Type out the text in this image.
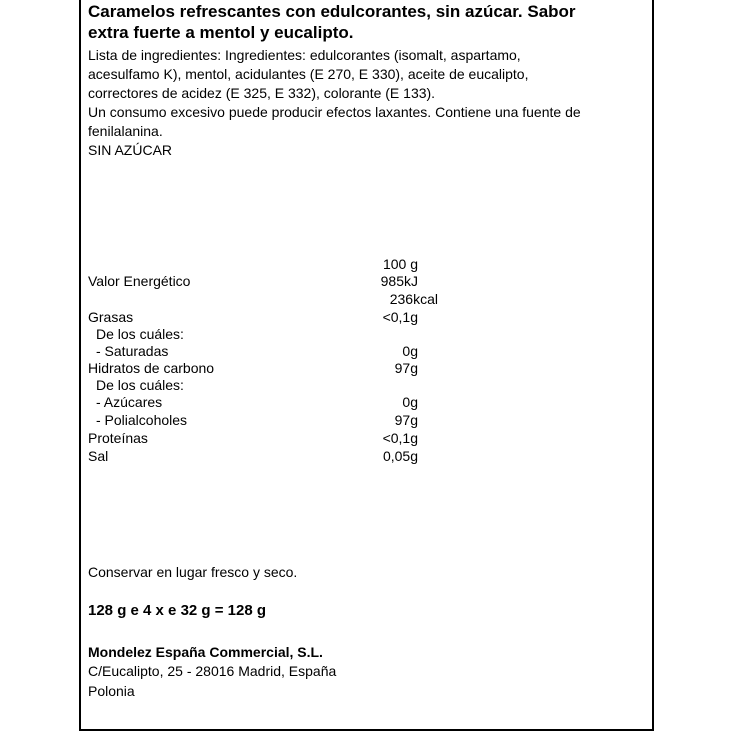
Caramelos refrescantes con edulcorantes, sin azúcar. Sabor
extra fuerte a mentol y eucalipto.
Lista de ingredientes: Ingredientes: edulcorantes (isomalt, aspartamo,
acesulfamo K), mentol, acidulantes (E 270, E 330), aceite de eucalipto,
correctores de acidez (E 325, E 332), colorante (E 133).
Un consumo excesivo puede producir efectos laxantes. Contiene una fuente de
fenilalanina.
SIN AZÚCAR
100 g
Valor Energético	985kJ
236kcal
Grasas	<0,1g
De los cuáles:
- Saturadas	0g
Hidratos de carbono	97g
De los cuáles:
- Azúcares	0g
- Polialcoholes	97g
Proteínas	<0,1g
Sal	0,05g
Conservar en lugar fresco y seco.
128 g e 4 x e 32 g = 128 g
Mondelez España Commercial, S.L.
C/Eucalipto, 25 - 28016 Madrid, España
Polonia
